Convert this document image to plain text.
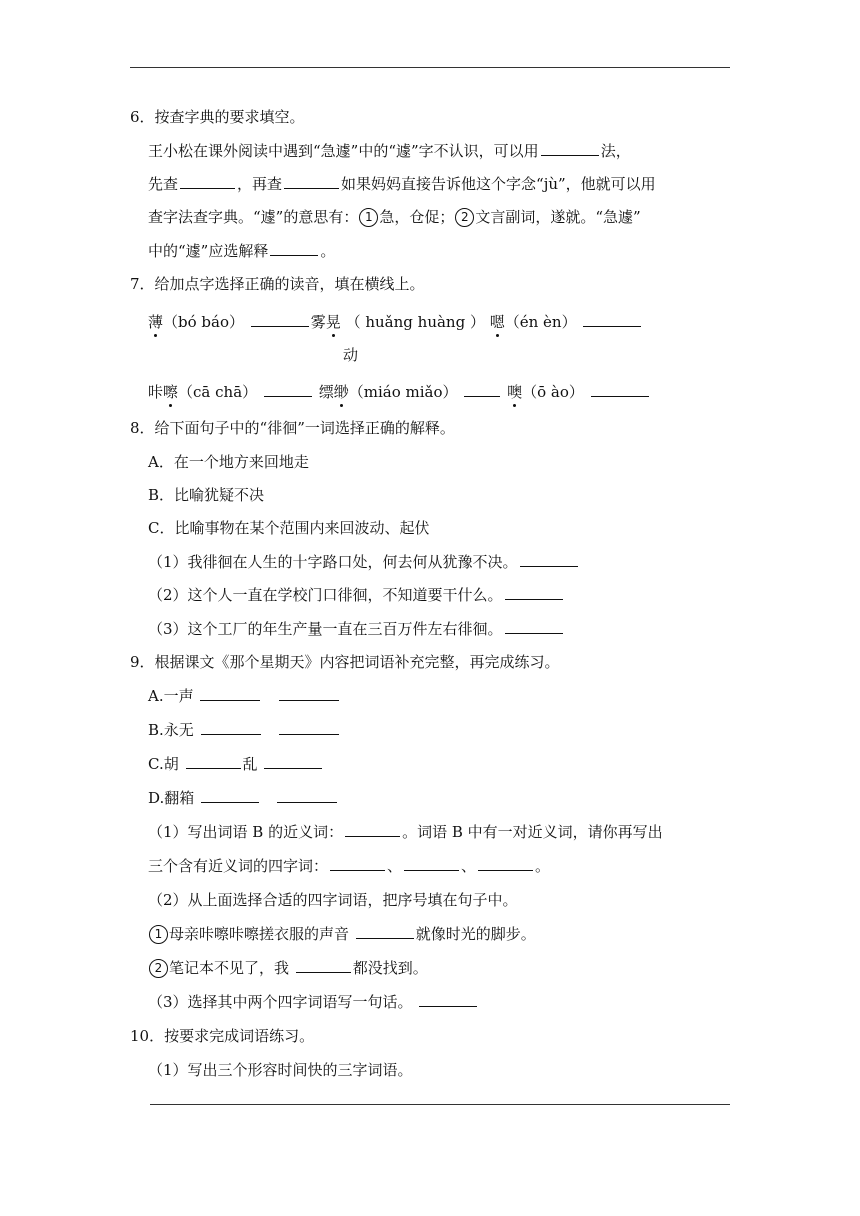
6．按查字典的要求填空。
王小松在课外阅读中遇到“急遽”中的“遽”字不认识，可以用	法，
先查	，再查	如果妈妈直接告诉他这个字念“jù”，他就可以用
查字法查字典。“遽”的意思有： 1 急，仓促； 2 文言副词，遂就。“急遽”
中的“遽”应选解释	。
7．给加点字选择正确的读音，填在横线上。
薄（bó báo）	雾晃 （ huǎng huàng ） 嗯（én èn）
动
咔嚓（cā chā）	缥缈（miáo miǎo）	噢（ō ào）
8．给下面句子中的“徘徊”一词选择正确的解释。
A．在一个地方来回地走
B．比喻犹疑不决
C．比喻事物在某个范围内来回波动、起伏
（1）我徘徊在人生的十字路口处，何去何从犹豫不决。
（2）这个人一直在学校门口徘徊，不知道要干什么。
（3）这个工厂的年生产量一直在三百万件左右徘徊。
9．根据课文《那个星期天》内容把词语补充完整，再完成练习。
A.一声
B.永无
C.胡	乱
D.翻箱
（1）写出词语 B 的近义词：	。词语 B 中有一对近义词，请你再写出
三个含有近义词的四字词：	、	、	。
（2）从上面选择合适的四字词语，把序号填在句子中。
1 母亲咔嚓咔嚓搓衣服的声音	就像时光的脚步。
2 笔记本不见了，我	都没找到。
（3）选择其中两个四字词语写一句话。
10．按要求完成词语练习。
（1）写出三个形容时间快的三字词语。
